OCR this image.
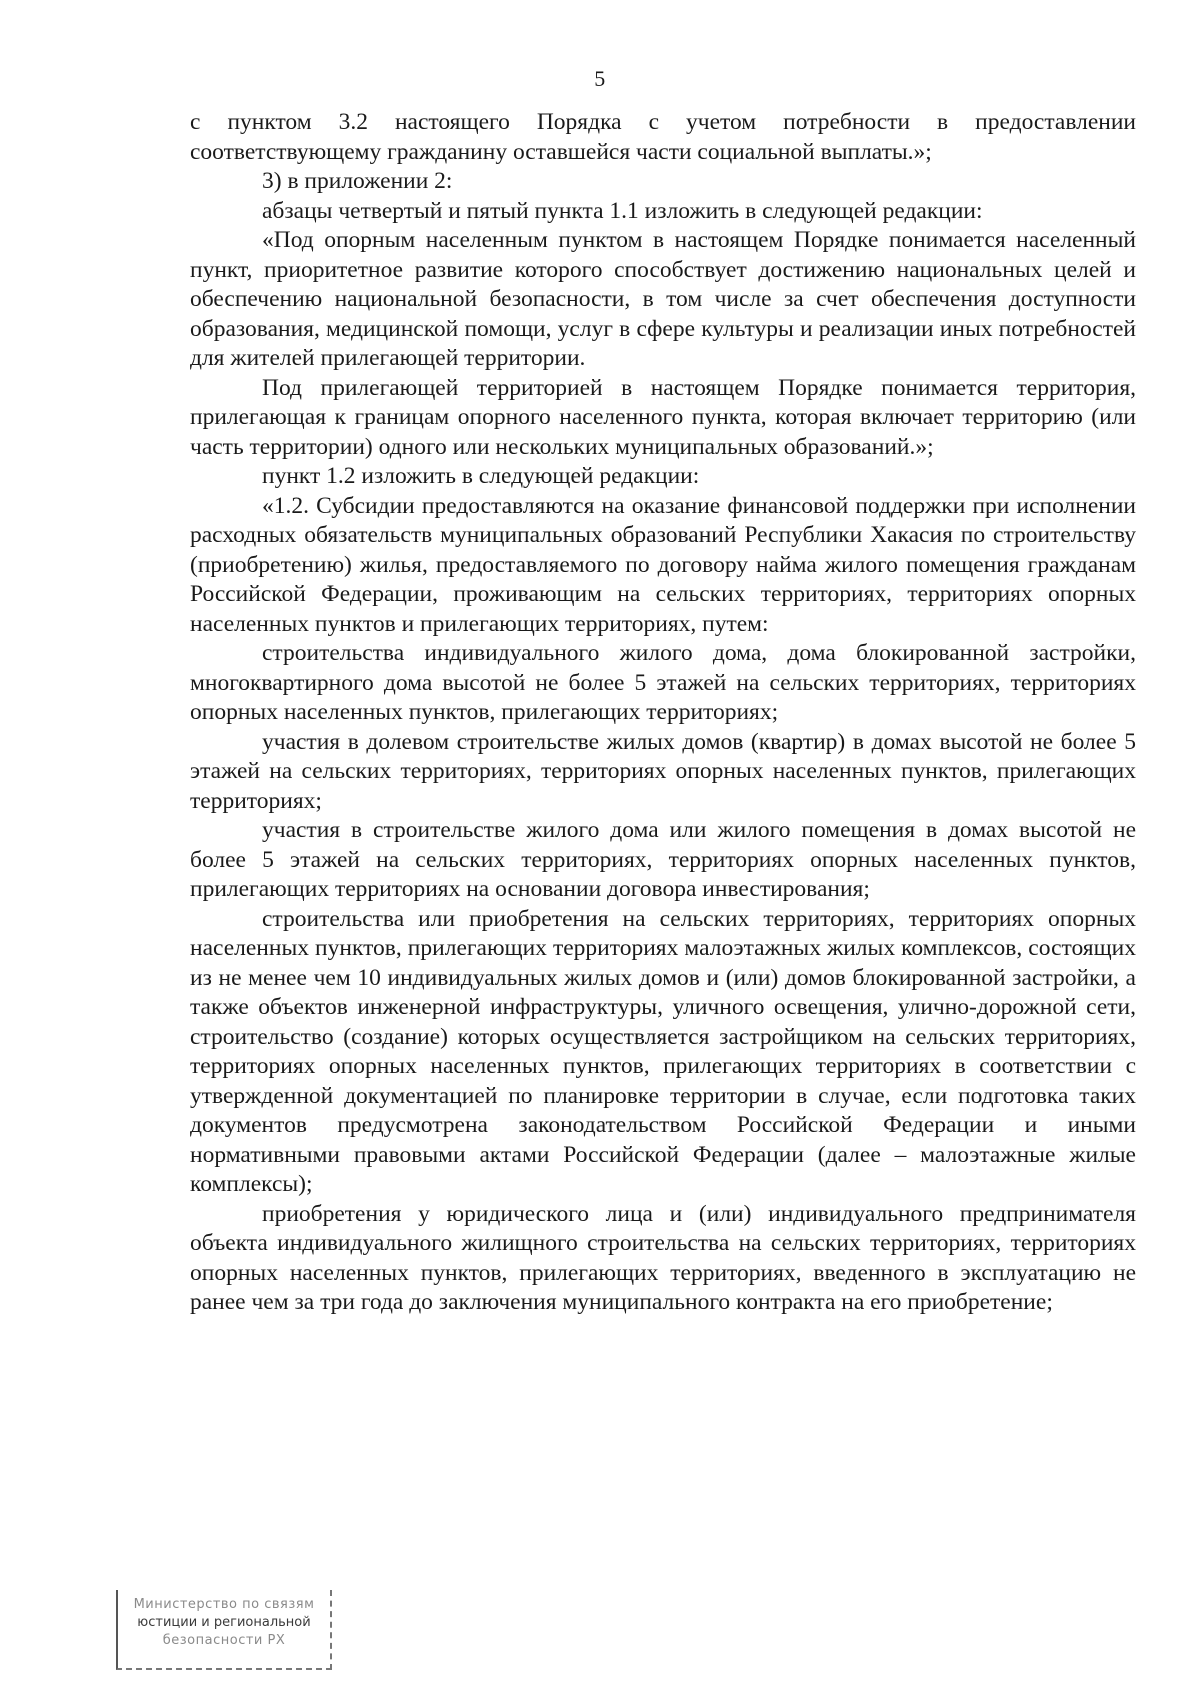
5

с пунктом 3.2 настоящего Порядка с учетом потребности в предоставлении соответствующему гражданину оставшейся части социальной выплаты.»;

3) в приложении 2:

абзацы четвертый и пятый пункта 1.1 изложить в следующей редакции:

«Под опорным населенным пунктом в настоящем Порядке понимается населенный пункт, приоритетное развитие которого способствует достижению национальных целей и обеспечению национальной безопасности, в том числе за счет обеспечения доступности образования, медицинской помощи, услуг в сфере культуры и реализации иных потребностей для жителей прилегающей территории.

Под прилегающей территорией в настоящем Порядке понимается территория, прилегающая к границам опорного населенного пункта, которая включает территорию (или часть территории) одного или нескольких муниципальных образований.»;

пункт 1.2 изложить в следующей редакции:

«1.2. Субсидии предоставляются на оказание финансовой поддержки при исполнении расходных обязательств муниципальных образований Республики Хакасия по строительству (приобретению) жилья, предоставляемого по договору найма жилого помещения гражданам Российской Федерации, проживающим на сельских территориях, территориях опорных населенных пунктов и прилегающих территориях, путем:

строительства индивидуального жилого дома, дома блокированной застройки, многоквартирного дома высотой не более 5 этажей на сельских территориях, территориях опорных населенных пунктов, прилегающих территориях;

участия в долевом строительстве жилых домов (квартир) в домах высотой не более 5 этажей на сельских территориях, территориях опорных населенных пунктов, прилегающих территориях;

участия в строительстве жилого дома или жилого помещения в домах высотой не более 5 этажей на сельских территориях, территориях опорных населенных пунктов, прилегающих территориях на основании договора инвестирования;

строительства или приобретения на сельских территориях, территориях опорных населенных пунктов, прилегающих территориях малоэтажных жилых комплексов, состоящих из не менее чем 10 индивидуальных жилых домов и (или) домов блокированной застройки, а также объектов инженерной инфраструктуры, уличного освещения, улично-дорожной сети, строительство (создание) которых осуществляется застройщиком на сельских территориях, территориях опорных населенных пунктов, прилегающих территориях в соответствии с утвержденной документацией по планировке территории в случае, если подготовка таких документов предусмотрена законодательством Российской Федерации и иными нормативными правовыми актами Российской Федерации (далее – малоэтажные жилые комплексы);

приобретения у юридического лица и (или) индивидуального предпринимателя объекта индивидуального жилищного строительства на сельских территориях, территориях опорных населенных пунктов, прилегающих территориях, введенного в эксплуатацию не ранее чем за три года до заключения муниципального контракта на его приобретение;

Министерство по связям
юстиции и региональной
безопасности РХ
